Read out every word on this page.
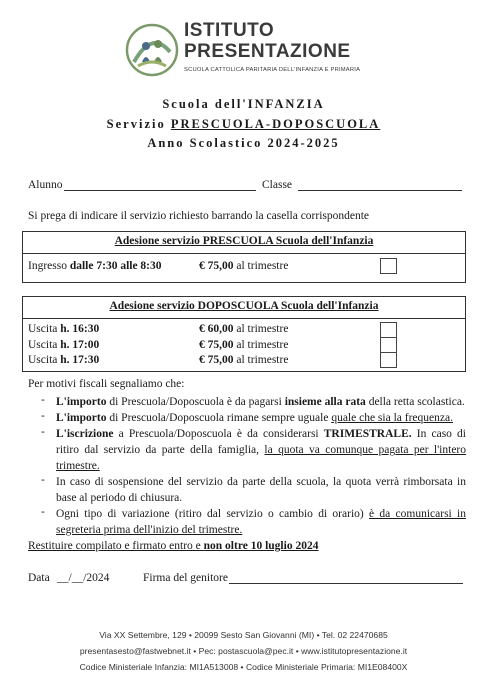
ISTITUTO
PRESENTAZIONE
SCUOLA CATTOLICA PARITARIA DELL'INFANZIA E PRIMARIA
Scuola dell'INFANZIA
Servizio PRESCUOLA-DOPOSCUOLA
Anno Scolastico 2024-2025
Alunno	Classe
Si prega di indicare il servizio richiesto barrando la casella corrispondente
Adesione servizio PRESCUOLA Scuola dell'Infanzia
Ingresso dalle 7:30 alle 8:30	€ 75,00 al trimestre
Adesione servizio DOPOSCUOLA Scuola dell'Infanzia
Uscita h. 16:30	€ 60,00 al trimestre
Uscita h. 17:00	€ 75,00 al trimestre
Uscita h. 17:30	€ 75,00 al trimestre
Per motivi fiscali segnaliamo che:
- L'importo di Prescuola/Doposcuola è da pagarsi insieme alla rata della retta scolastica.
- L'importo di Prescuola/Doposcuola rimane sempre uguale quale che sia la frequenza.
- L'iscrizione a Prescuola/Doposcuola è da considerarsi TRIMESTRALE. In caso di ritiro dal servizio da parte della famiglia, la quota va comunque pagata per l'intero trimestre.
- In caso di sospensione del servizio da parte della scuola, la quota verrà rimborsata in base al periodo di chiusura.
- Ogni tipo di variazione (ritiro dal servizio o cambio di orario) è da comunicarsi in segreteria prima dell'inizio del trimestre.
Restituire compilato e firmato entro e non oltre 10 luglio 2024
Data __/__/2024	Firma del genitore
Via XX Settembre, 129 • 20099 Sesto San Giovanni (MI) • Tel. 02 22470685
presentasesto@fastwebnet.it • Pec: postascuola@pec.it • www.istitutopresentazione.it
Codice Ministeriale Infanzia: MI1A513008 • Codice Ministeriale Primaria: MI1E08400X
